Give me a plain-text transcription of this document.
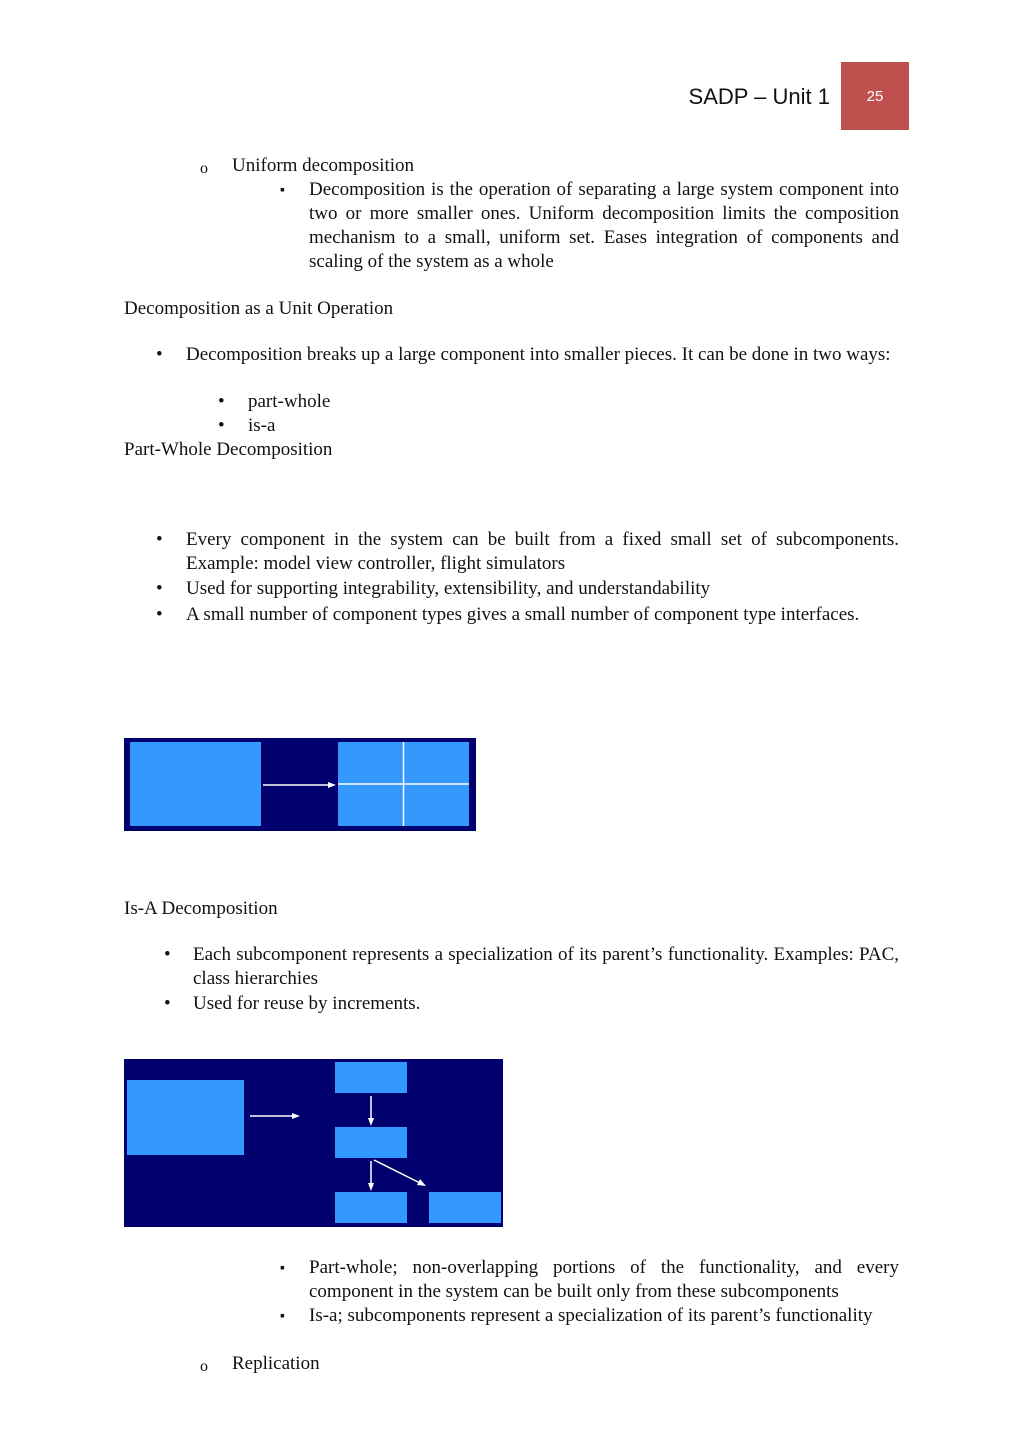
SADP – Unit 1 25
o Uniform decomposition
▪ Decomposition is the operation of separating a large system component into two or more smaller ones. Uniform decomposition limits the composition mechanism to a small, uniform set. Eases integration of components and scaling of the system as a whole
Decomposition as a Unit Operation
• Decomposition breaks up a large component into smaller pieces. It can be done in two ways:
• part-whole
• is-a
Part-Whole Decomposition
• Every component in the system can be built from a fixed small set of subcomponents. Example: model view controller, flight simulators
• Used for supporting integrability, extensibility, and understandability
• A small number of component types gives a small number of component type interfaces.
Is-A Decomposition
• Each subcomponent represents a specialization of its parent’s functionality. Examples: PAC, class hierarchies
• Used for reuse by increments.
▪ Part-whole; non-overlapping portions of the functionality, and every component in the system can be built only from these subcomponents
▪ Is-a; subcomponents represent a specialization of its parent’s functionality
o Replication
